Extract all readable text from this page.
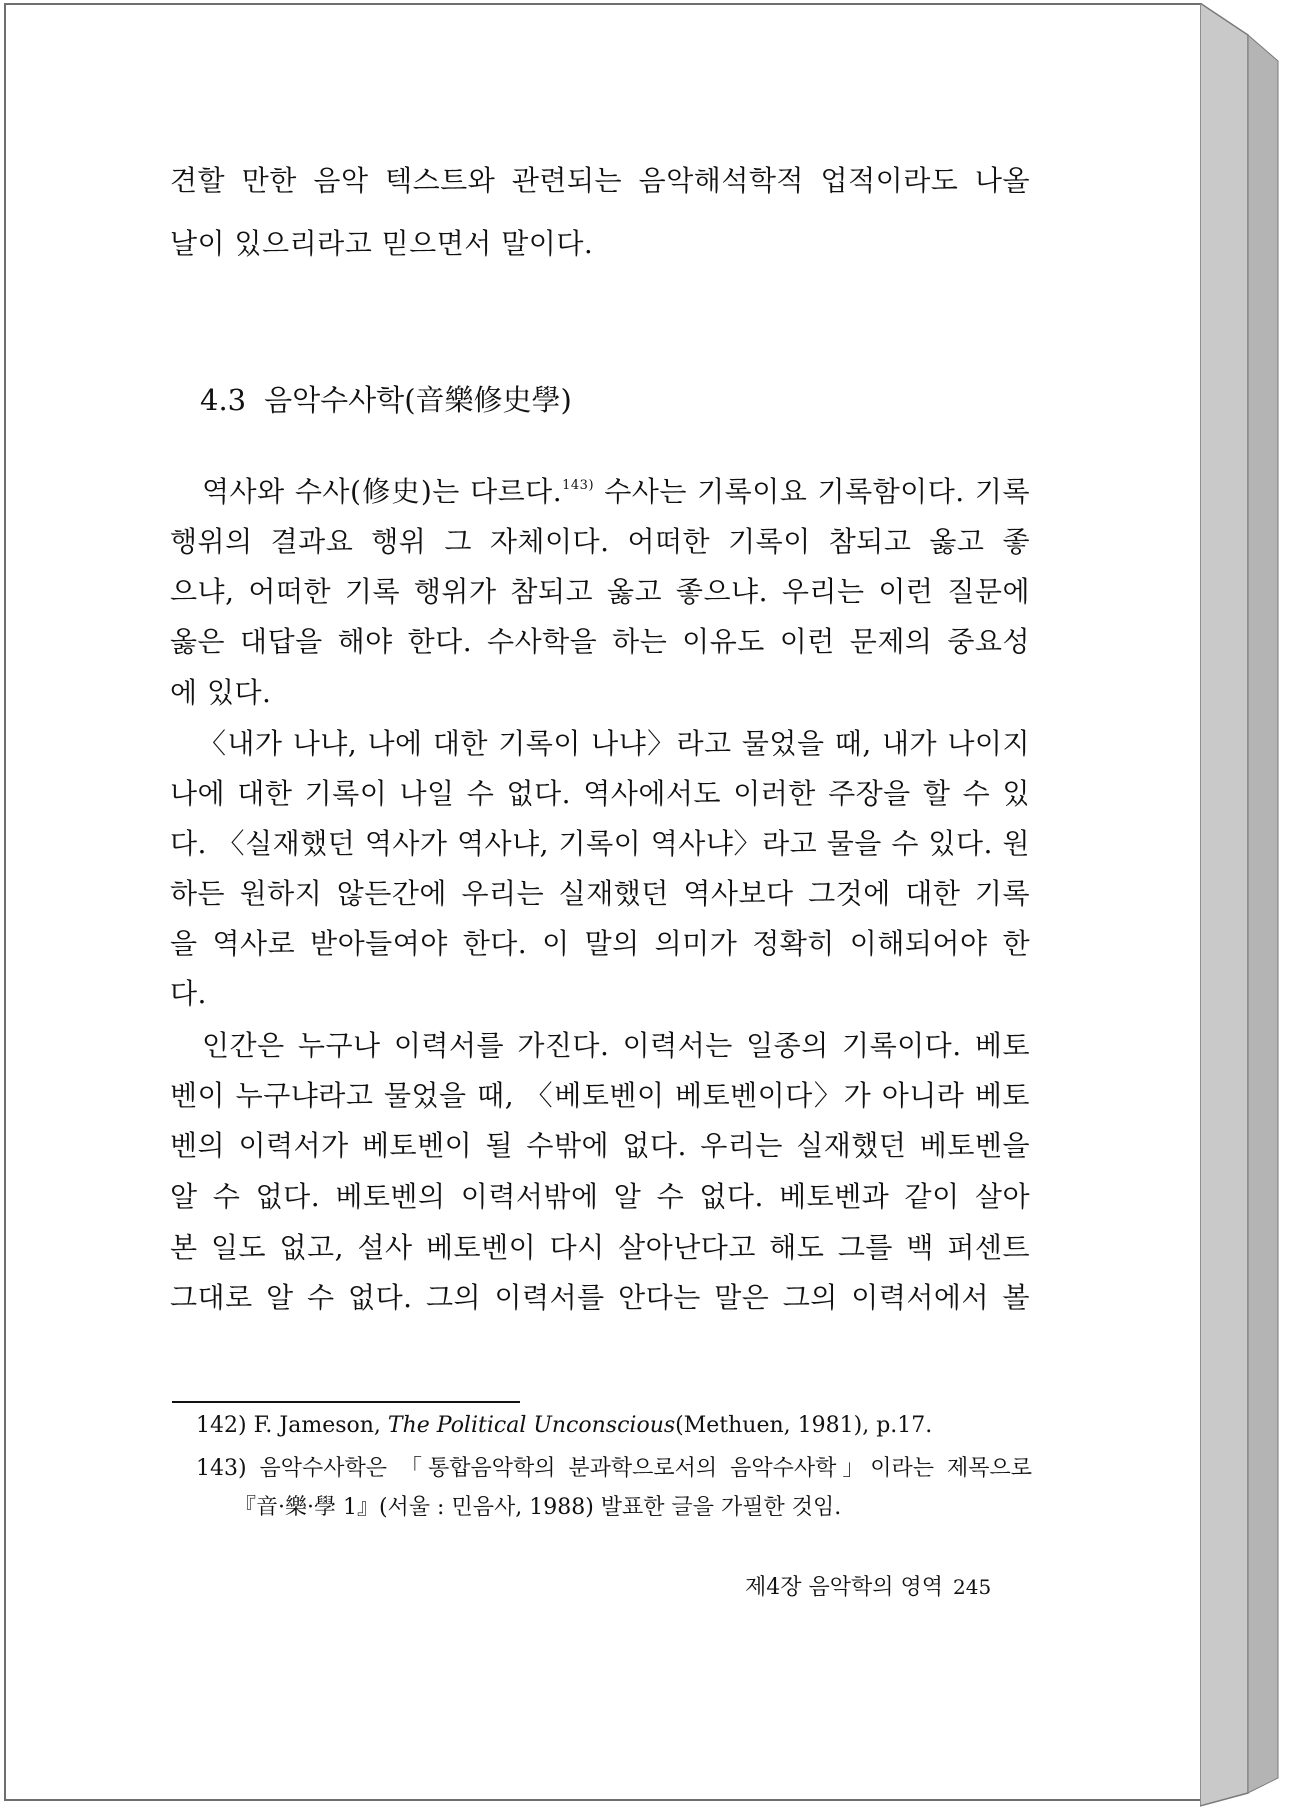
견할 만한 음악 텍스트와 관련되는 음악해석학적 업적이라도 나올
날이 있으리라고 믿으면서 말이다.
4.3 음악수사학(音樂修史學)
역사와 수사(修史)는 다르다.$^{143)}$ 수사는 기록이요 기록함이다. 기록
행위의 결과요 행위 그 자체이다. 어떠한 기록이 참되고 옳고 좋
으냐, 어떠한 기록 행위가 참되고 옳고 좋으냐. 우리는 이런 질문에
옳은 대답을 해야 한다. 수사학을 하는 이유도 이런 문제의 중요성
에 있다.
〈내가 나냐, 나에 대한 기록이 나냐〉라고 물었을 때, 내가 나이지
나에 대한 기록이 나일 수 없다. 역사에서도 이러한 주장을 할 수 있
다. 〈실재했던 역사가 역사냐, 기록이 역사냐〉라고 물을 수 있다. 원
하든 원하지 않든간에 우리는 실재했던 역사보다 그것에 대한 기록
을 역사로 받아들여야 한다. 이 말의 의미가 정확히 이해되어야 한
다.
인간은 누구나 이력서를 가진다. 이력서는 일종의 기록이다. 베토
벤이 누구냐라고 물었을 때, 〈베토벤이 베토벤이다〉가 아니라 베토
벤의 이력서가 베토벤이 될 수밖에 없다. 우리는 실재했던 베토벤을
알 수 없다. 베토벤의 이력서밖에 알 수 없다. 베토벤과 같이 살아
본 일도 없고, 설사 베토벤이 다시 살아난다고 해도 그를 백 퍼센트
그대로 알 수 없다. 그의 이력서를 안다는 말은 그의 이력서에서 볼
142) F. Jameson, The Political Unconscious(Methuen, 1981), p.17.
143) 음악수사학은 「통합음악학의 분과학으로서의 음악수사학」이라는 제목으로
『音·樂·學 1』(서울 : 민음사, 1988) 발표한 글을 가필한 것임.
제4장 음악학의 영역 245
